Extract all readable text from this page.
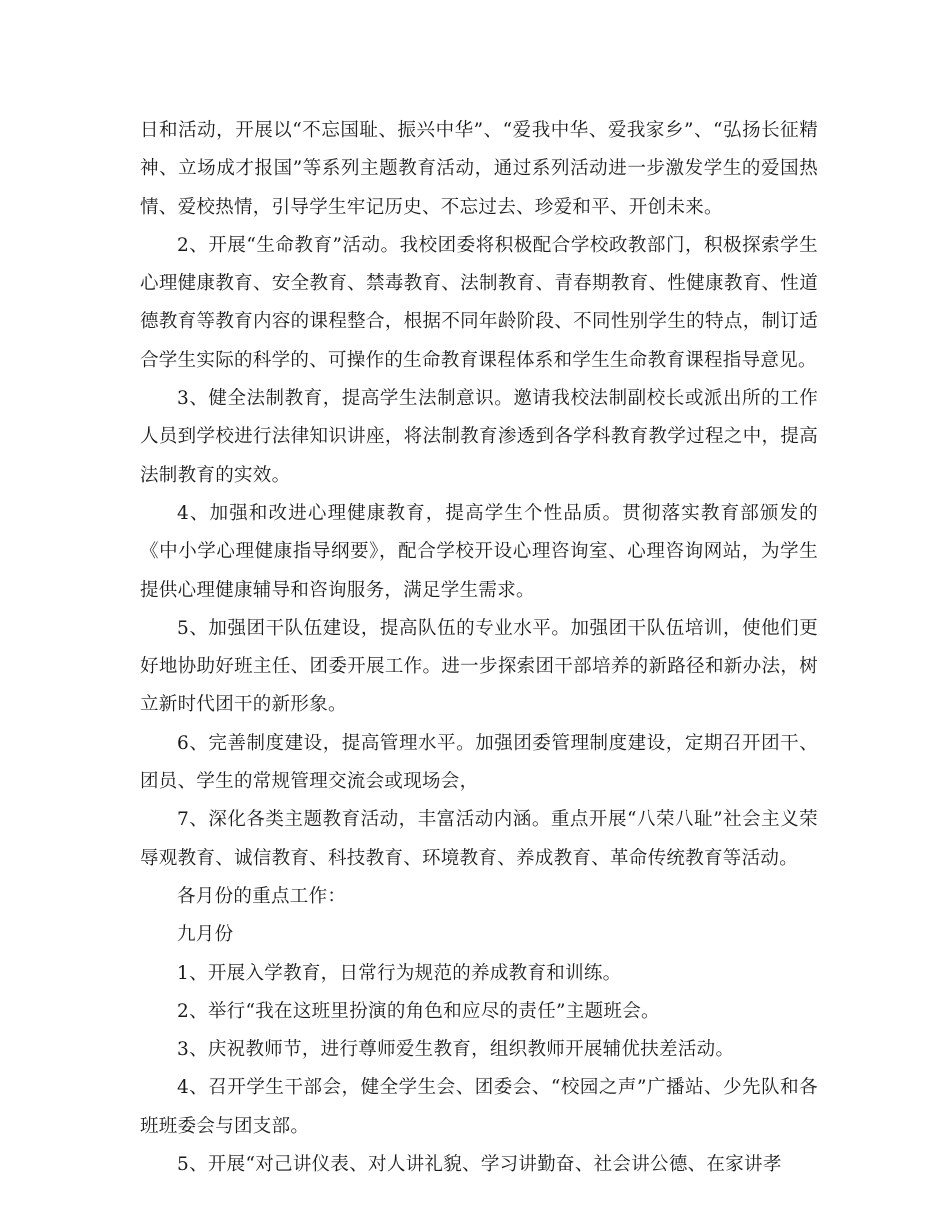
日和活动，开展以“不忘国耻、振兴中华”、“爱我中华、爱我家乡”、“弘扬长征精神、立场成才报国”等系列主题教育活动，通过系列活动进一步激发学生的爱国热情、爱校热情，引导学生牢记历史、不忘过去、珍爱和平、开创未来。

2、开展“生命教育”活动。我校团委将积极配合学校政教部门，积极探索学生心理健康教育、安全教育、禁毒教育、法制教育、青春期教育、性健康教育、性道德教育等教育内容的课程整合，根据不同年龄阶段、不同性别学生的特点，制订适合学生实际的科学的、可操作的生命教育课程体系和学生生命教育课程指导意见。

3、健全法制教育，提高学生法制意识。邀请我校法制副校长或派出所的工作人员到学校进行法律知识讲座，将法制教育渗透到各学科教育教学过程之中，提高法制教育的实效。

4、加强和改进心理健康教育，提高学生个性品质。贯彻落实教育部颁发的《中小学心理健康指导纲要》，配合学校开设心理咨询室、心理咨询网站，为学生提供心理健康辅导和咨询服务，满足学生需求。

5、加强团干队伍建设，提高队伍的专业水平。加强团干队伍培训，使他们更好地协助好班主任、团委开展工作。进一步探索团干部培养的新路径和新办法，树立新时代团干的新形象。

6、完善制度建设，提高管理水平。加强团委管理制度建设，定期召开团干、团员、学生的常规管理交流会或现场会，

7、深化各类主题教育活动，丰富活动内涵。重点开展“八荣八耻”社会主义荣辱观教育、诚信教育、科技教育、环境教育、养成教育、革命传统教育等活动。

各月份的重点工作：

九月份

1、开展入学教育，日常行为规范的养成教育和训练。

2、举行“我在这班里扮演的角色和应尽的责任”主题班会。

3、庆祝教师节，进行尊师爱生教育，组织教师开展辅优扶差活动。

4、召开学生干部会，健全学生会、团委会、“校园之声”广播站、少先队和各班班委会与团支部。

5、开展“对己讲仪表、对人讲礼貌、学习讲勤奋、社会讲公德、在家讲孝
